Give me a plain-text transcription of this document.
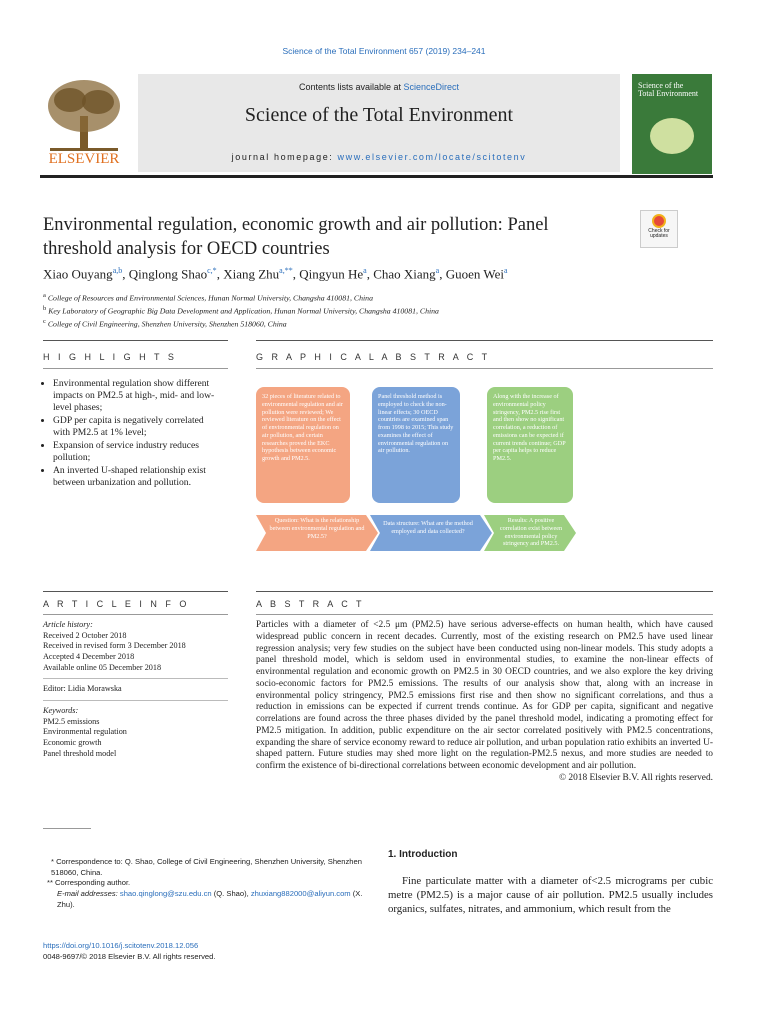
Science of the Total Environment 657 (2019) 234–241
ELSEVIER
Contents lists available at ScienceDirect
Science of the Total Environment
journal homepage: www.elsevier.com/locate/scitotenv
Science of the
Total Environment
Environmental regulation, economic growth and air pollution: Panel
threshold analysis for OECD countries
Check for updates
Xiao Ouyang$^{a,b}$, Qinglong Shao$^{c,*}$, Xiang Zhu$^{a,**}$, Qingyun He$^a$, Chao Xiang$^a$, Guoen Wei$^a$
$^a$ College of Resources and Environmental Sciences, Hunan Normal University, Changsha 410081, China
$^b$ Key Laboratory of Geographic Big Data Development and Application, Hunan Normal University, Changsha 410081, China
$^c$ College of Civil Engineering, Shenzhen University, Shenzhen 518060, China
H I G H L I G H T S	G R A P H I C A L A B S T R A C T
• Environmental regulation show different impacts on PM2.5 at high-, mid- and low-level phases;
• GDP per capita is negatively correlated with PM2.5 at 1% level;
• Expansion of service industry reduces pollution;
• An inverted U-shaped relationship exist between urbanization and pollution.
32 pieces of literature related to environmental regulation and air pollution were reviewed; We reviewed literature on the effect of environmental regulation on air pollution, and certain researches proved the EKC hypothesis between economic growth and PM2.5.
Panel threshold method is employed to check the non-linear effects; 30 OECD countries are examined span from 1998 to 2015; This study examines the effect of environmental regulation on air pollution.
Along with the increase of environmental policy stringency, PM2.5 rise first and then show no significant correlation, a reduction of emissions can be expected if current trends continue; GDP per capita helps to reduce PM2.5.
Question: What is the relationship between environmental regulation and PM2.5?
Data structure: What are the method employed and data collected?
Results: A positive correlation exist between environmental policy stringency and PM2.5.
A R T I C L E I N F O	A B S T R A C T
Article history:
Received 2 October 2018
Received in revised form 3 December 2018
Accepted 4 December 2018
Available online 05 December 2018
Editor: Lidia Morawska
Keywords:
PM2.5 emissions
Environmental regulation
Economic growth
Panel threshold model

Particles with a diameter of <2.5 μm (PM2.5) have serious adverse-effects on human health, which have caused widespread public concern in recent decades. Currently, most of the existing research on PM2.5 have used linear regression analysis; very few studies on the subject have been conducted using non-linear models. This study adopts a panel threshold model, which is seldom used in environmental studies, to examine the non-linear effects of environmental regulation and economic growth on PM2.5 in 30 OECD countries, and we also explore the key driving socio-economic factors for PM2.5 emissions. The results of our analysis show that, along with an increase in environmental policy stringency, PM2.5 emissions first rise and then show no significant correlations, and thus a reduction in emissions can be expected if current trends continue. As for GDP per capita, significant and negative correlations are found across the three phases divided by the panel threshold model, indicating a promoting effect for PM2.5 mitigation. In addition, public expenditure on the air sector correlated positively with PM2.5 concentrations, expanding the share of service economy reward to reduce air pollution, and urban population ratio exhibits an inverted U-shaped pattern. Future studies may shed more light on the regulation-PM2.5 nexus, and more studies are needed to confirm the existence of bi-directional correlations between economic development and air pollution.

© 2018 Elsevier B.V. All rights reserved.

* Correspondence to: Q. Shao, College of Civil Engineering, Shenzhen University, Shenzhen 518060, China.
** Corresponding author.
E-mail addresses: shao.qinglong@szu.edu.cn (Q. Shao), zhuxiang882000@aliyun.com (X. Zhu).
https://doi.org/10.1016/j.scitotenv.2018.12.056
0048-9697/© 2018 Elsevier B.V. All rights reserved.
1. Introduction
Fine particulate matter with a diameter of<2.5 micrograms per cubic metre (PM2.5) is a major cause of air pollution. PM2.5 usually includes organics, sulfates, nitrates, and ammonium, which result from the
